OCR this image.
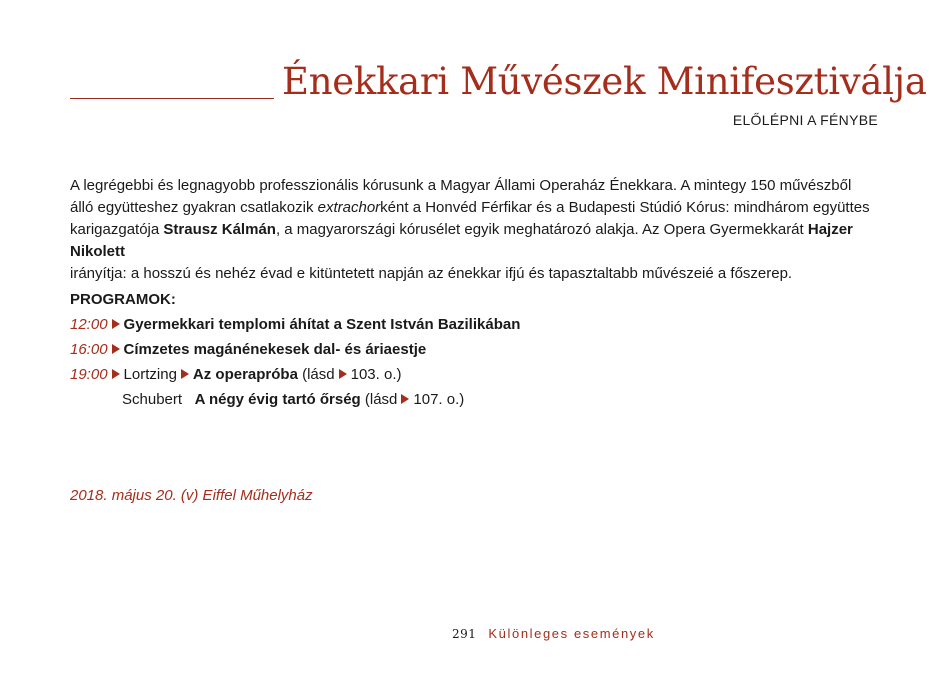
Énekkari Művészek Minifesztiválja
ELŐLÉPNI A FÉNYBE

A legrégebbi és legnagyobb professzionális kórusunk a Magyar Állami Operaház Énekkara. A mintegy 150 művészből

álló együtteshez gyakran csatlakozik extrachorként a Honvéd Férfikar és a Budapesti Stúdió Kórus: mindhárom együttes

karigazgatója Strausz Kálmán, a magyarországi kórusélet egyik meghatározó alakja. Az Opera Gyermekkarát Hajzer Nikolett

irányítja: a hosszú és nehéz évad e kitüntetett napján az énekkar ifjú és tapasztaltabb művészeié a főszerep.

PROGRAMOK:
12:00 Gyermekkari templomi áhítat a Szent István Bazilikában
16:00 Címzetes magánénekesek dal- és áriaestje
19:00 Lortzing Az operapróba (lásd 103. o.)
Schubert A négy évig tartó őrség (lásd 107. o.)
2018. május 20. (v) Eiffel Műhelyház
291 Különleges események
